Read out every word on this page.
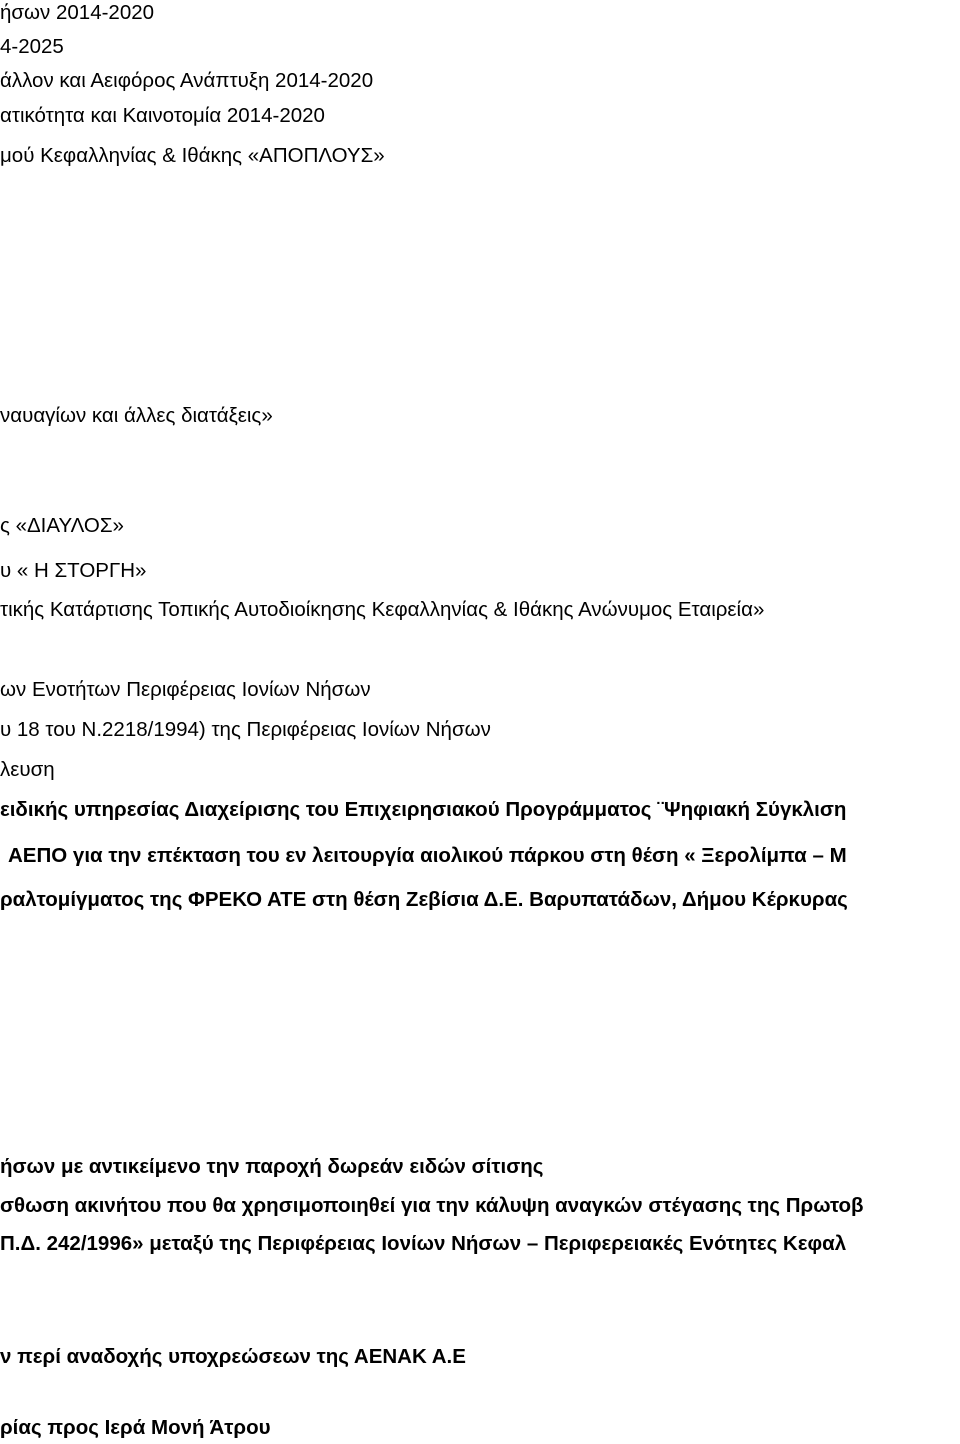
ήσων 2014-2020
4-2025
άλλον και Αειφόρος Ανάπτυξη 2014-2020
ατικότητα και Καινοτομία 2014-2020
μού Κεφαλληνίας & Ιθάκης «ΑΠΟΠΛΟΥΣ»
ναυαγίων και άλλες διατάξεις»
ς «ΔΙΑΥΛΟΣ»
υ « Η ΣΤΟΡΓΗ»
τικής Κατάρτισης Τοπικής Αυτοδιοίκησης Κεφαλληνίας & Ιθάκης Ανώνυμος Εταιρεία»
ων Ενοτήτων Περιφέρειας Ιονίων Νήσων
υ 18 του Ν.2218/1994) της Περιφέρειας Ιονίων Νήσων
λευση
ειδικής υπηρεσίας Διαχείρισης του Επιχειρησιακού Προγράμματος ¨Ψηφιακή Σύγκλιση
ΑΕΠΟ για την επέκταση του εν λειτουργία αιολικού πάρκου στη θέση « Ξερολίμπα – Μ
ραλτομίγματος της ΦΡΕΚΟ ΑΤΕ στη θέση Ζεβίσια Δ.Ε. Βαρυπατάδων, Δήμου Κέρκυρας
ήσων με αντικείμενο την παροχή δωρεάν ειδών σίτισης
σθωση ακινήτου που θα χρησιμοποιηθεί για την κάλυψη αναγκών στέγασης της Πρωτοβ
Π.Δ. 242/1996» μεταξύ της Περιφέρειας Ιονίων Νήσων – Περιφερειακές Ενότητες Κεφαλ
ν περί αναδοχής υποχρεώσεων της ΑΕΝΑΚ Α.Ε
ρίας προς Ιερά Μονή Άτρου
